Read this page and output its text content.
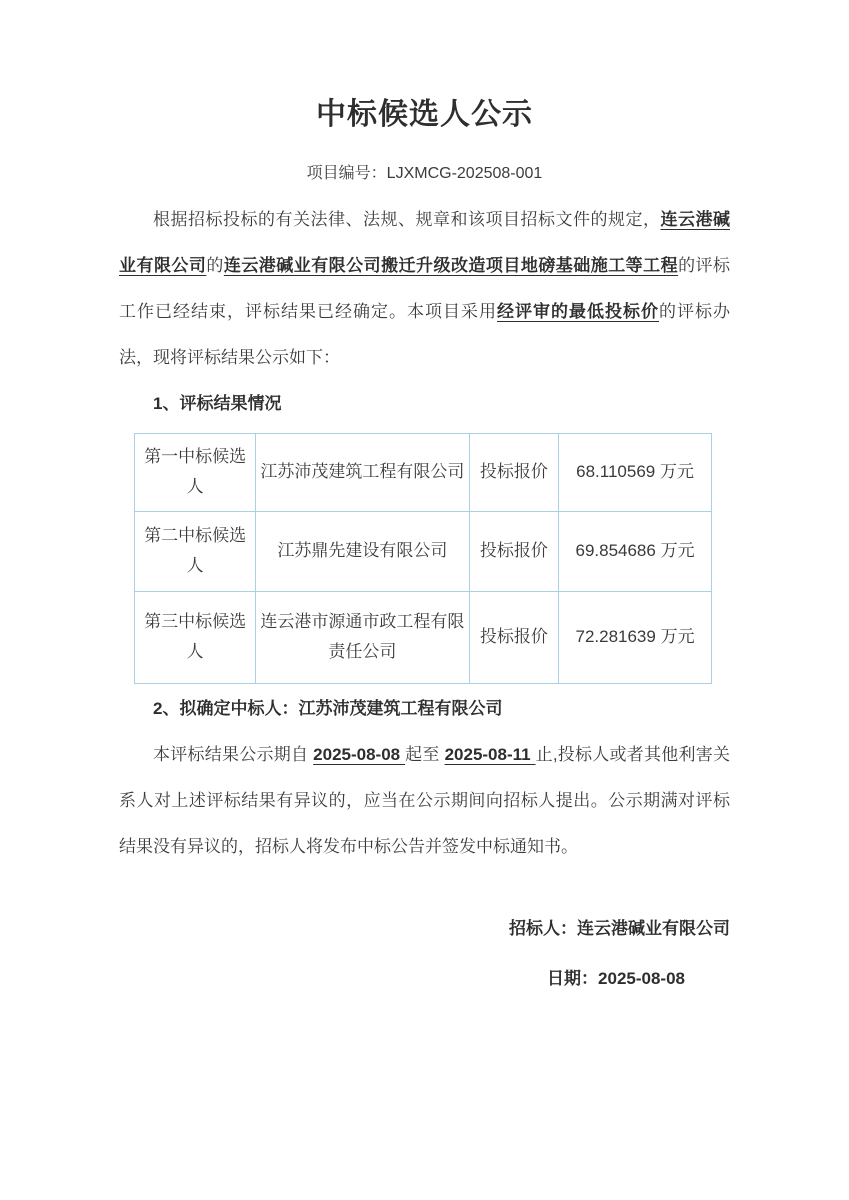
中标候选人公示
项目编号：LJXMCG-202508-001

根据招标投标的有关法律、法规、规章和该项目招标文件的规定，连云港碱业有限公司的连云港碱业有限公司搬迁升级改造项目地磅基础施工等工程的评标工作已经结束，评标结果已经确定。本项目采用经评审的最低投标价的评标办法，现将评标结果公示如下：

1、评标结果情况

第一中标候选人	江苏沛茂建筑工程有限公司	投标报价	68.110569 万元
第二中标候选人	江苏鼎先建设有限公司	投标报价	69.854686 万元
第三中标候选人	连云港市源通市政工程有限责任公司	投标报价	72.281639 万元

2、拟确定中标人：江苏沛茂建筑工程有限公司

本评标结果公示期自 2025-08-08 起至 2025-08-11 止,投标人或者其他利害关系人对上述评标结果有异议的，应当在公示期间向招标人提出。公示期满对评标结果没有异议的，招标人将发布中标公告并签发中标通知书。

招标人：连云港碱业有限公司
日期：2025-08-08
